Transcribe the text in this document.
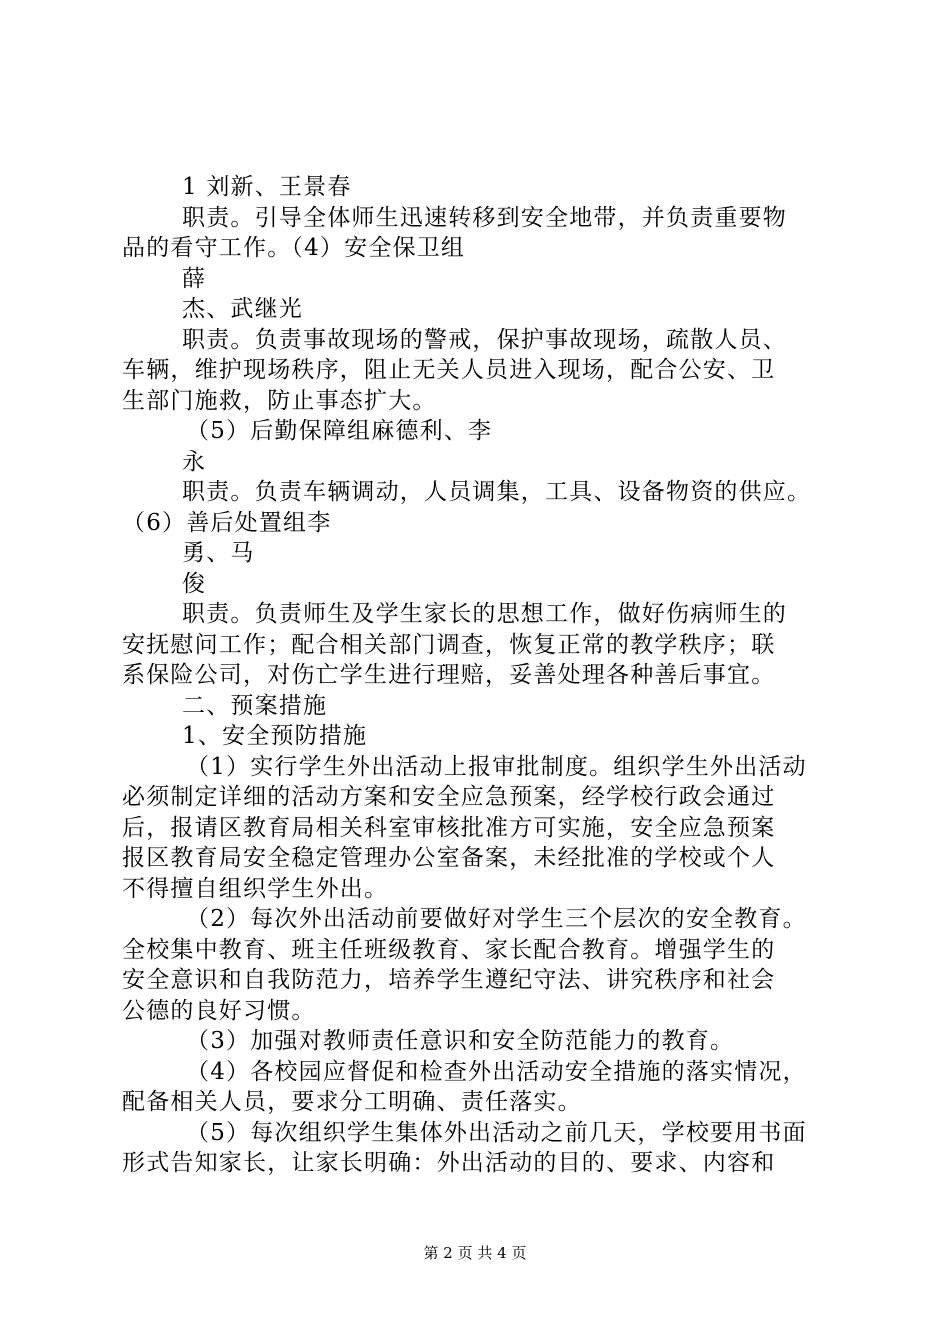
1 刘新、王景春
职责。引导全体师生迅速转移到安全地带，并负责重要物
品的看守工作。（4）安全保卫组
薛
杰、武继光
职责。负责事故现场的警戒，保护事故现场，疏散人员、
车辆，维护现场秩序，阻止无关人员进入现场，配合公安、卫
生部门施救，防止事态扩大。
（5）后勤保障组麻德利、李
永
职责。负责车辆调动，人员调集，工具、设备物资的供应。
（6）善后处置组李
勇、马
俊
职责。负责师生及学生家长的思想工作，做好伤病师生的
安抚慰问工作；配合相关部门调查，恢复正常的教学秩序；联
系保险公司，对伤亡学生进行理赔，妥善处理各种善后事宜。
二、预案措施
1、安全预防措施
（1）实行学生外出活动上报审批制度。组织学生外出活动
必须制定详细的活动方案和安全应急预案，经学校行政会通过
后，报请区教育局相关科室审核批准方可实施，安全应急预案
报区教育局安全稳定管理办公室备案，未经批准的学校或个人
不得擅自组织学生外出。
（2）每次外出活动前要做好对学生三个层次的安全教育。
全校集中教育、班主任班级教育、家长配合教育。增强学生的
安全意识和自我防范力，培养学生遵纪守法、讲究秩序和社会
公德的良好习惯。
（3）加强对教师责任意识和安全防范能力的教育。
（4）各校园应督促和检查外出活动安全措施的落实情况，
配备相关人员，要求分工明确、责任落实。
（5）每次组织学生集体外出活动之前几天，学校要用书面
形式告知家长，让家长明确：外出活动的目的、要求、内容和
第 2 页 共 4 页
